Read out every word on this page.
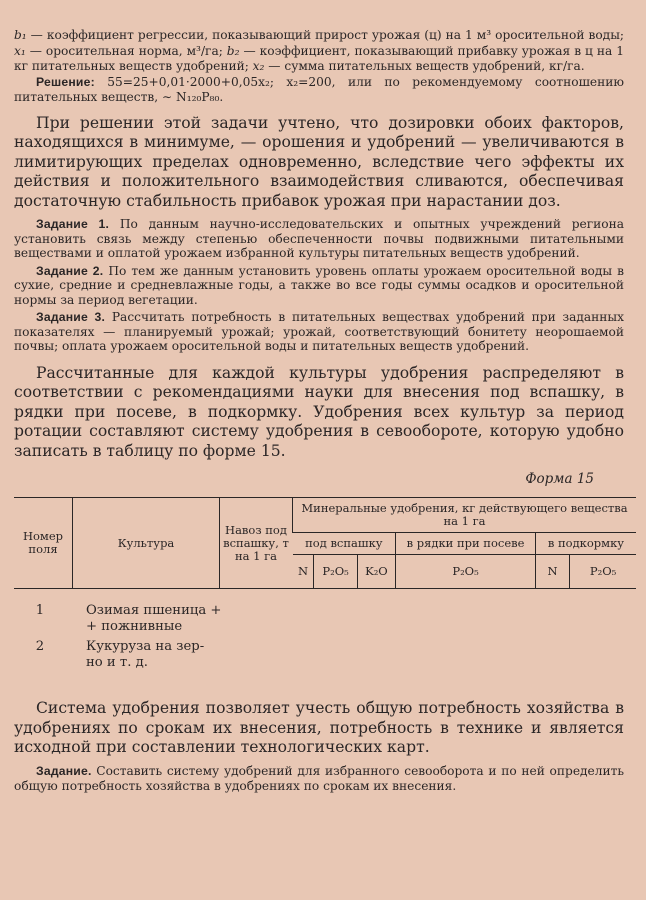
b₁ — коэффициент регрессии, показывающий прирост урожая (ц) на 1 м³ оросительной воды; x₁ — оросительная норма, м³/га; b₂ — коэффициент, показывающий прибавку урожая в ц на 1 кг питательных веществ удобрений; x₂ — сумма питательных веществ удобрений, кг/га.

Решение: 55=25+0,01·2000+0,05x₂; x₂=200, или по рекомендуемому соотношению питательных веществ, ∼ N₁₂₀P₈₀.

При решении этой задачи учтено, что дозировки обоих факторов, находящихся в минимуме, — орошения и удобрений — увеличиваются в лимитирующих пределах одновременно, вследствие чего эффекты их действия и положительного взаимодействия сливаются, обеспечивая достаточную стабильность прибавок урожая при нарастании доз.

Задание 1. По данным научно-исследовательских и опытных учреждений региона установить связь между степенью обеспеченности почвы подвижными питательными веществами и оплатой урожаем избранной культуры питательных веществ удобрений.

Задание 2. По тем же данным установить уровень оплаты урожаем оросительной воды в сухие, средние и средневлажные годы, а также во все годы суммы осадков и оросительной нормы за период вегетации.

Задание 3. Рассчитать потребность в питательных веществах удобрений при заданных показателях — планируемый урожай; урожай, соответствующий бонитету неорошаемой почвы; оплата урожаем оросительной воды и питательных веществ удобрений.

Рассчитанные для каждой культуры удобрения распределяют в соответствии с рекомендациями науки для внесения под вспашку, в рядки при посеве, в подкормку. Удобрения всех культур за период ротации составляют систему удобрения в севообороте, которую удобно записать в таблицу по форме 15.

Форма 15
Номер поля	Культура	Навоз под вспашку, т на 1 га	Минеральные удобрения, кг действующего вещества на 1 га					
			под вспашку			в рядки при посеве	в подкормку	
			N	P₂O₅	K₂O	P₂O₅	N	P₂O₅
1	Озимая пшеница +
+ пожнивные
2	Кукуруза на зер-
но и т. д.

Система удобрения позволяет учесть общую потребность хозяйства в удобрениях по срокам их внесения, потребность в технике и является исходной при составлении технологических карт.

Задание. Составить систему удобрений для избранного севооборота и по ней определить общую потребность хозяйства в удобрениях по срокам их внесения.
